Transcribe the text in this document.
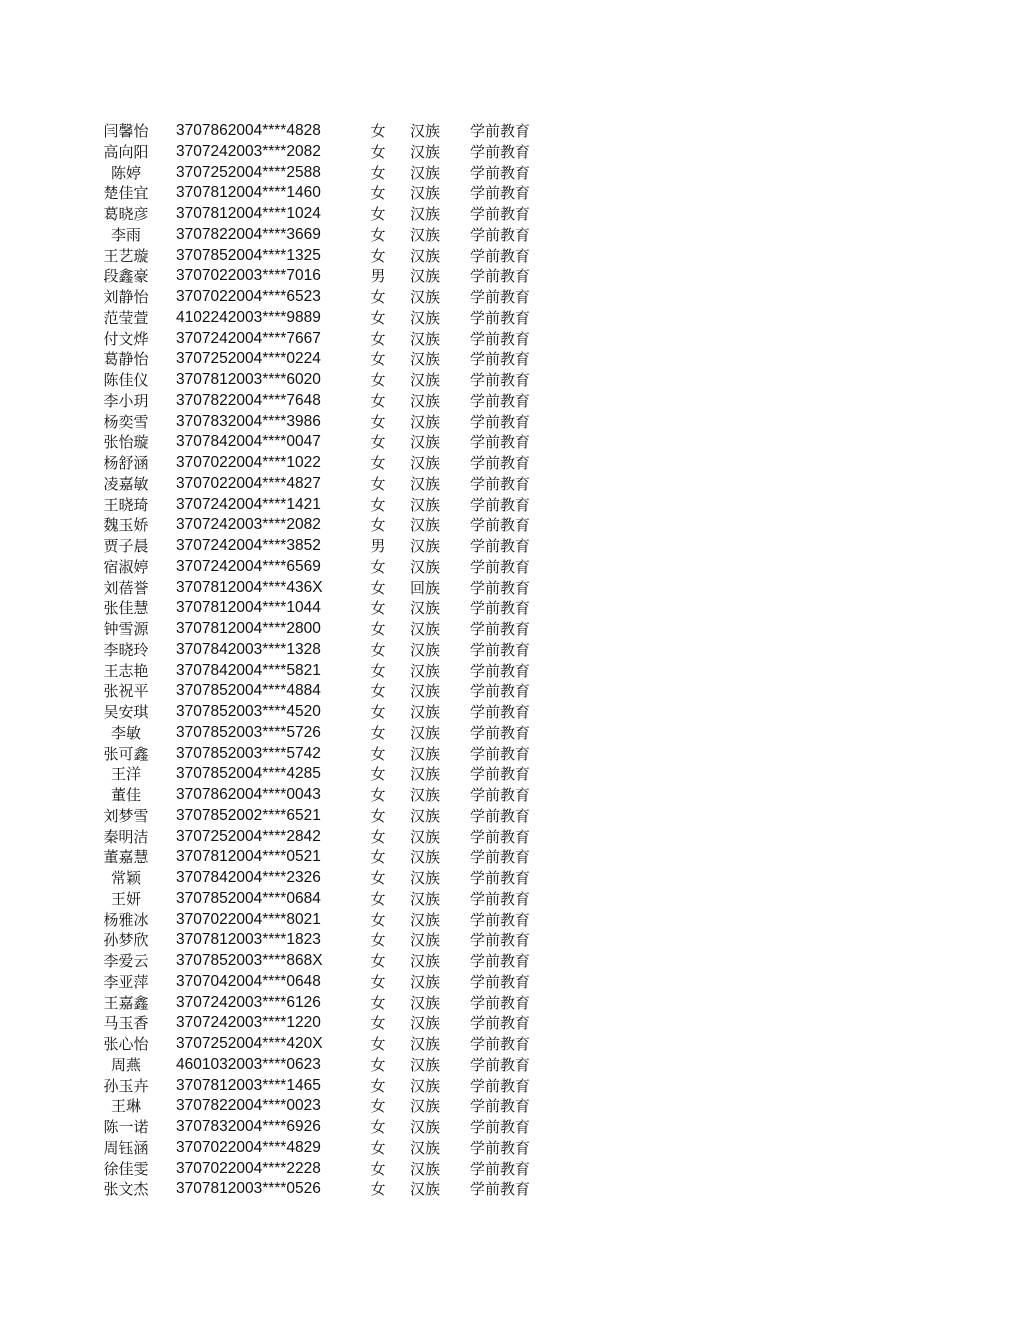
闫馨怡	3707862004****4828	女 汉族 学前教育
高向阳	3707242003****2082	女 汉族 学前教育
陈婷	3707252004****2588	女 汉族 学前教育
楚佳宜	3707812004****1460	女 汉族 学前教育
葛晓彦	3707812004****1024	女 汉族 学前教育
李雨	3707822004****3669	女 汉族 学前教育
王艺璇	3707852004****1325	女 汉族 学前教育
段鑫豪	3707022003****7016	男 汉族 学前教育
刘静怡	3707022004****6523	女 汉族 学前教育
范莹萱	4102242003****9889	女 汉族 学前教育
付文烨	3707242004****7667	女 汉族 学前教育
葛静怡	3707252004****0224	女 汉族 学前教育
陈佳仪	3707812003****6020	女 汉族 学前教育
李小玥	3707822004****7648	女 汉族 学前教育
杨奕雪	3707832004****3986	女 汉族 学前教育
张怡璇	3707842004****0047	女 汉族 学前教育
杨舒涵	3707022004****1022	女 汉族 学前教育
凌嘉敏	3707022004****4827	女 汉族 学前教育
王晓琦	3707242004****1421	女 汉族 学前教育
魏玉娇	3707242003****2082	女 汉族 学前教育
贾子晨	3707242004****3852	男 汉族 学前教育
宿淑婷	3707242004****6569	女 汉族 学前教育
刘蓓誉	3707812004****436X	女 回族 学前教育
张佳慧	3707812004****1044	女 汉族 学前教育
钟雪源	3707812004****2800	女 汉族 学前教育
李晓玲	3707842003****1328	女 汉族 学前教育
王志艳	3707842004****5821	女 汉族 学前教育
张祝平	3707852004****4884	女 汉族 学前教育
吴安琪	3707852003****4520	女 汉族 学前教育
李敏	3707852003****5726	女 汉族 学前教育
张可鑫	3707852003****5742	女 汉族 学前教育
王洋	3707852004****4285	女 汉族 学前教育
董佳	3707862004****0043	女 汉族 学前教育
刘梦雪	3707852002****6521	女 汉族 学前教育
秦明洁	3707252004****2842	女 汉族 学前教育
董嘉慧	3707812004****0521	女 汉族 学前教育
常颖	3707842004****2326	女 汉族 学前教育
王妍	3707852004****0684	女 汉族 学前教育
杨雅冰	3707022004****8021	女 汉族 学前教育
孙梦欣	3707812003****1823	女 汉族 学前教育
李爱云	3707852003****868X	女 汉族 学前教育
李亚萍	3707042004****0648	女 汉族 学前教育
王嘉鑫	3707242003****6126	女 汉族 学前教育
马玉香	3707242003****1220	女 汉族 学前教育
张心怡	3707252004****420X	女 汉族 学前教育
周燕	4601032003****0623	女 汉族 学前教育
孙玉卉	3707812003****1465	女 汉族 学前教育
王琳	3707822004****0023	女 汉族 学前教育
陈一诺	3707832004****6926	女 汉族 学前教育
周钰涵	3707022004****4829	女 汉族 学前教育
徐佳雯	3707022004****2228	女 汉族 学前教育
张文杰	3707812003****0526	女 汉族 学前教育
